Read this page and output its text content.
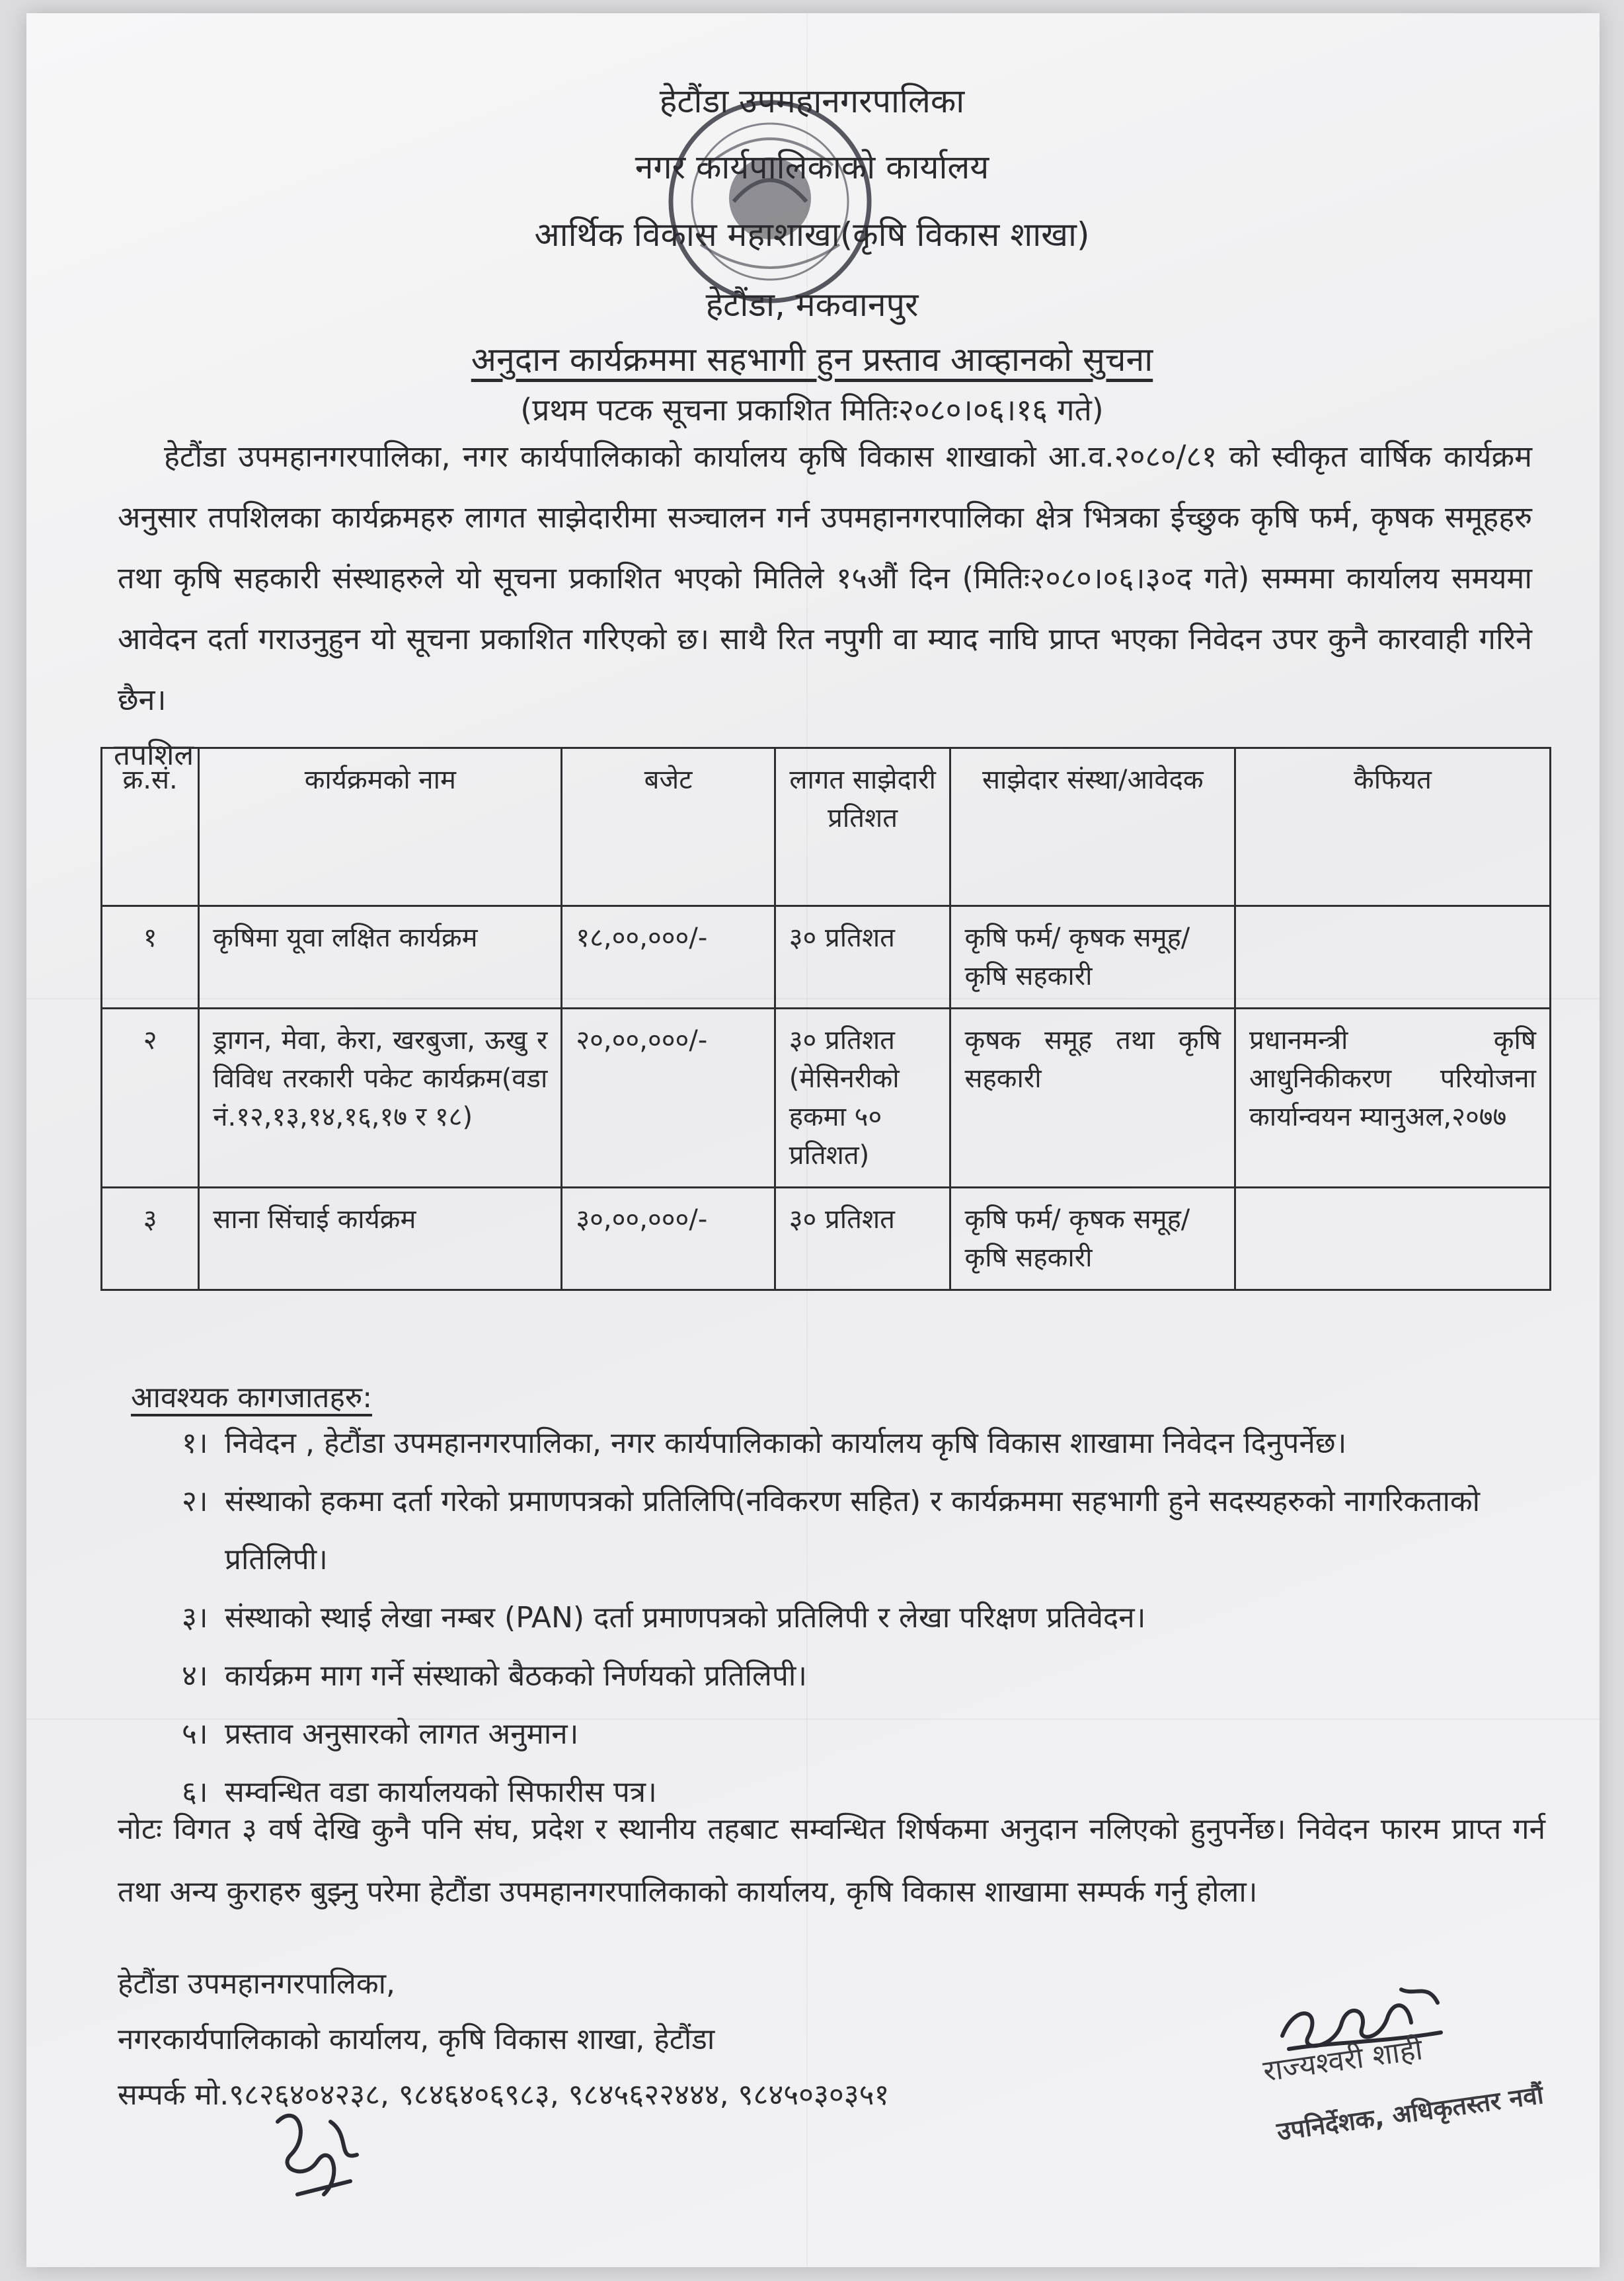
हेटौंडा उपमहानगरपालिका
नगर कार्यपालिकाको कार्यालय
आर्थिक विकास महाशाखा(कृषि विकास शाखा)
हेटौंडा, मकवानपुर
अनुदान कार्यक्रममा सहभागी हुन प्रस्ताव आव्हानको सुचना
(प्रथम पटक सूचना प्रकाशित मितिः२०८०।०६।१६ गते)
हेटौंडा उपमहानगरपालिका, नगर कार्यपालिकाको कार्यालय कृषि विकास शाखाको आ.व.२०८०/८१ को स्वीकृत वार्षिक कार्यक्रम अनुसार तपशिलका कार्यक्रमहरु लागत साझेदारीमा सञ्चालन गर्न उपमहानगरपालिका क्षेत्र भित्रका ईच्छुक कृषि फर्म, कृषक समूहहरु तथा कृषि सहकारी संस्थाहरुले यो सूचना प्रकाशित भएको मितिले १५औं दिन (मितिः२०८०।०६।३०द गते) सम्ममा कार्यालय समयमा आवेदन दर्ता गराउनुहुन यो सूचना प्रकाशित गरिएको छ। साथै रित नपुगी वा म्याद नाघि प्राप्त भएका निवेदन उपर कुनै कारवाही गरिने छैन।
तपशिल
क्र.सं.	कार्यक्रमको नाम	बजेट	लागत साझेदारी प्रतिशत	साझेदार संस्था/आवेदक	कैफियत
१	कृषिमा यूवा लक्षित कार्यक्रम	१८,००,०००/-	३० प्रतिशत	कृषि फर्म/ कृषक समूह/ कृषि सहकारी	
२	ड्रागन, मेवा, केरा, खरबुजा, ऊखु र विविध तरकारी पकेट कार्यक्रम(वडा नं.१२,१३,१४,१६,१७ र १८)	२०,००,०००/-	३० प्रतिशत (मेसिनरीको हकमा ५० प्रतिशत)	कृषक समूह तथा कृषि सहकारी	प्रधानमन्त्री कृषि आधुनिकीकरण परियोजना कार्यान्वयन म्यानुअल,२०७७
३	साना सिंचाई कार्यक्रम	३०,००,०००/-	३० प्रतिशत	कृषि फर्म/ कृषक समूह/ कृषि सहकारी	
आवश्यक कागजातहरु:
१। निवेदन , हेटौंडा उपमहानगरपालिका, नगर कार्यपालिकाको कार्यालय कृषि विकास शाखामा निवेदन दिनुपर्नेछ।
२। संस्थाको हकमा दर्ता गरेको प्रमाणपत्रको प्रतिलिपि(नविकरण सहित) र कार्यक्रममा सहभागी हुने सदस्यहरुको नागरिकताको प्रतिलिपी।
३। संस्थाको स्थाई लेखा नम्बर (PAN) दर्ता प्रमाणपत्रको प्रतिलिपी र लेखा परिक्षण प्रतिवेदन।
४। कार्यक्रम माग गर्ने संस्थाको बैठकको निर्णयको प्रतिलिपी।
५। प्रस्ताव अनुसारको लागत अनुमान।
६। सम्वन्धित वडा कार्यालयको सिफारीस पत्र।
नोटः विगत ३ वर्ष देखि कुनै पनि संघ, प्रदेश र स्थानीय तहबाट सम्वन्धित शिर्षकमा अनुदान नलिएको हुनुपर्नेछ। निवेदन फारम प्राप्त गर्न तथा अन्य कुराहरु बुझ्नु परेमा हेटौंडा उपमहानगरपालिकाको कार्यालय, कृषि विकास शाखामा सम्पर्क गर्नु होला।
हेटौंडा उपमहानगरपालिका,
नगरकार्यपालिकाको कार्यालय, कृषि विकास शाखा, हेटौंडा
सम्पर्क मो.९८२६४०४२३८, ९८४६४०६९८३, ९८४५६२२४४४, ९८४५०३०३५१
राज्यश्वरी शाही
उपनिर्देशक, अधिकृतस्तर नवौं
